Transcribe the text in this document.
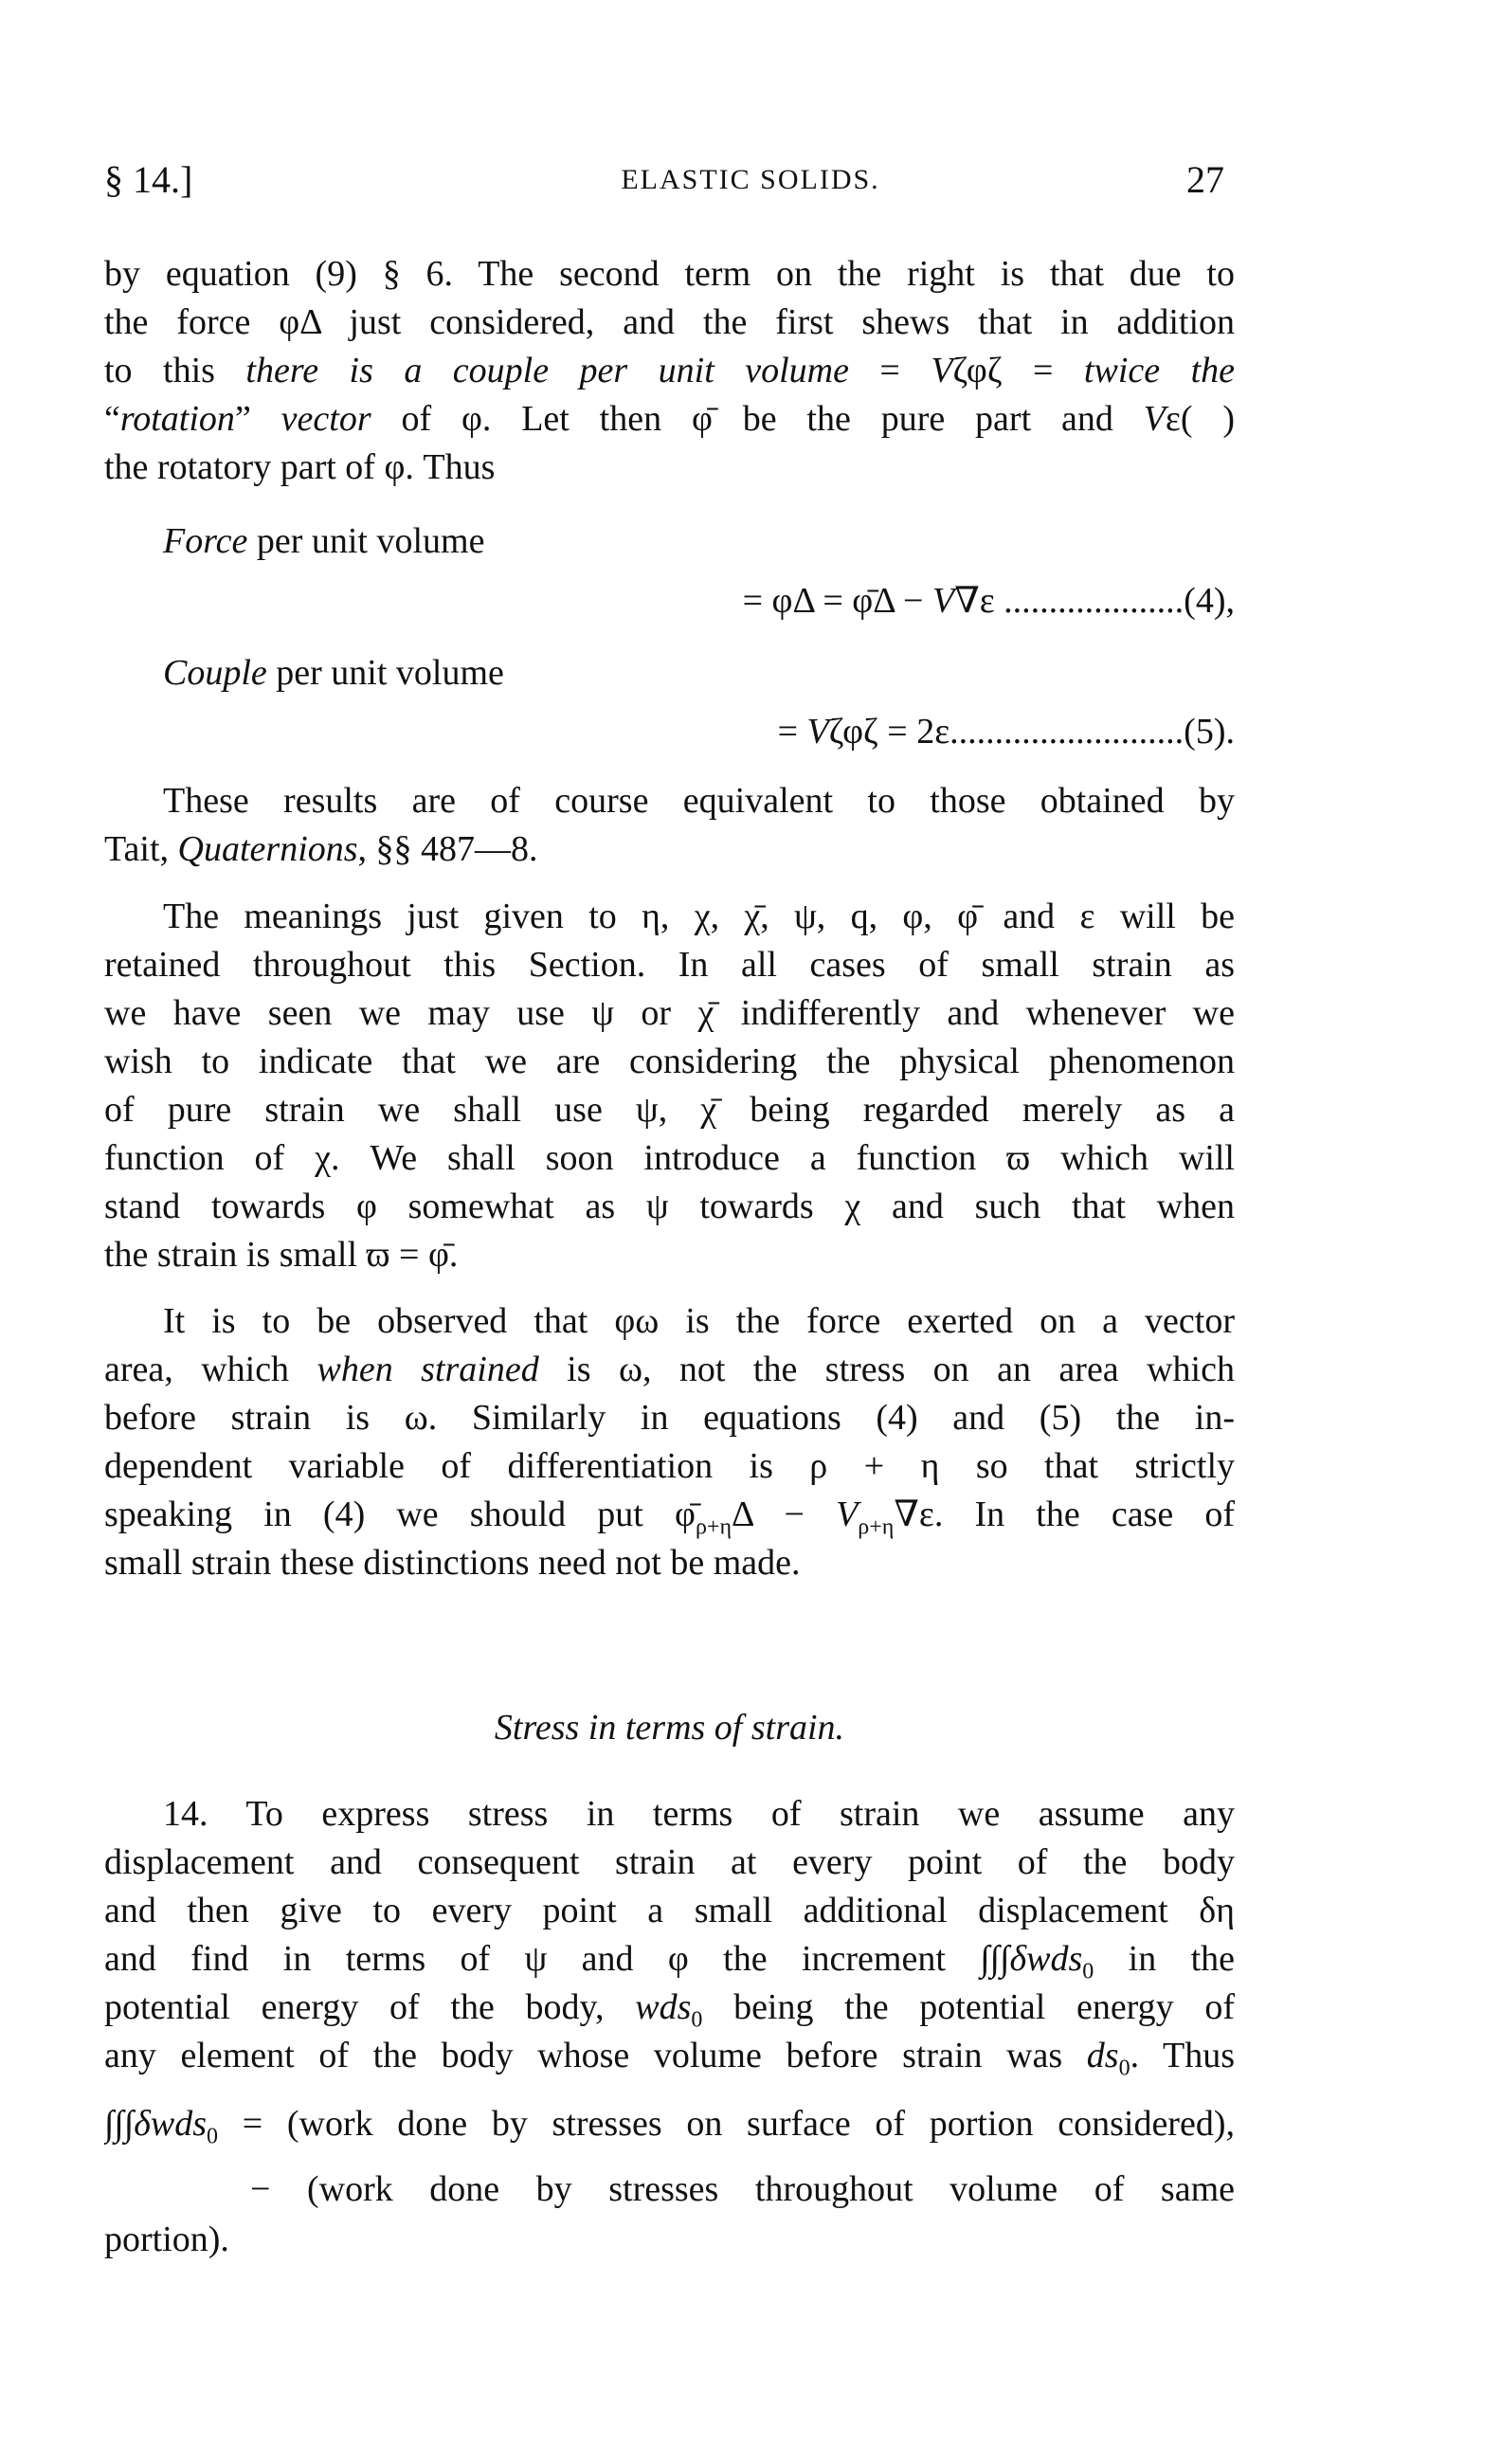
§ 14.]	ELASTIC SOLIDS.	27
by equation (9) § 6. The second term on the right is that due to
the force φΔ just considered, and the first shews that in addition
to this there is a couple per unit volume = Vζφζ = twice the
“rotation” vector of φ. Let then φ̄ be the pure part and Vε( )
the rotatory part of φ. Thus
Force per unit volume
= φΔ = φ̄Δ − V∇ε ....................(4),
Couple per unit volume
= Vζφζ = 2ε..........................(5).
These results are of course equivalent to those obtained by
Tait, Quaternions, §§ 487—8.
The meanings just given to η, χ, χ̄, ψ, q, φ, φ̄ and ε will be
retained throughout this Section. In all cases of small strain as
we have seen we may use ψ or χ̄ indifferently and whenever we
wish to indicate that we are considering the physical phenomenon
of pure strain we shall use ψ, χ̄ being regarded merely as a
function of χ. We shall soon introduce a function ϖ which will
stand towards φ somewhat as ψ towards χ and such that when
the strain is small ϖ = φ̄.
It is to be observed that φω is the force exerted on a vector
area, which when strained is ω, not the stress on an area which
before strain is ω. Similarly in equations (4) and (5) the in-
dependent variable of differentiation is ρ + η so that strictly
speaking in (4) we should put $\varphī_{\rho+\eta}\Delta - V_{\rho+\eta}\nabla\varepsilon$. In the case of
small strain these distinctions need not be made.
Stress in terms of strain.
14. To express stress in terms of strain we assume any
displacement and consequent strain at every point of the body
and then give to every point a small additional displacement δη
and find in terms of ψ and φ the increment ∫∫∫δwds$_0$ in the
potential energy of the body, wds$_0$ being the potential energy of
any element of the body whose volume before strain was $ds_0$. Thus
∫∫∫δwds$_0$ = (work done by stresses on surface of portion considered),
− (work done by stresses throughout volume of same
portion).
